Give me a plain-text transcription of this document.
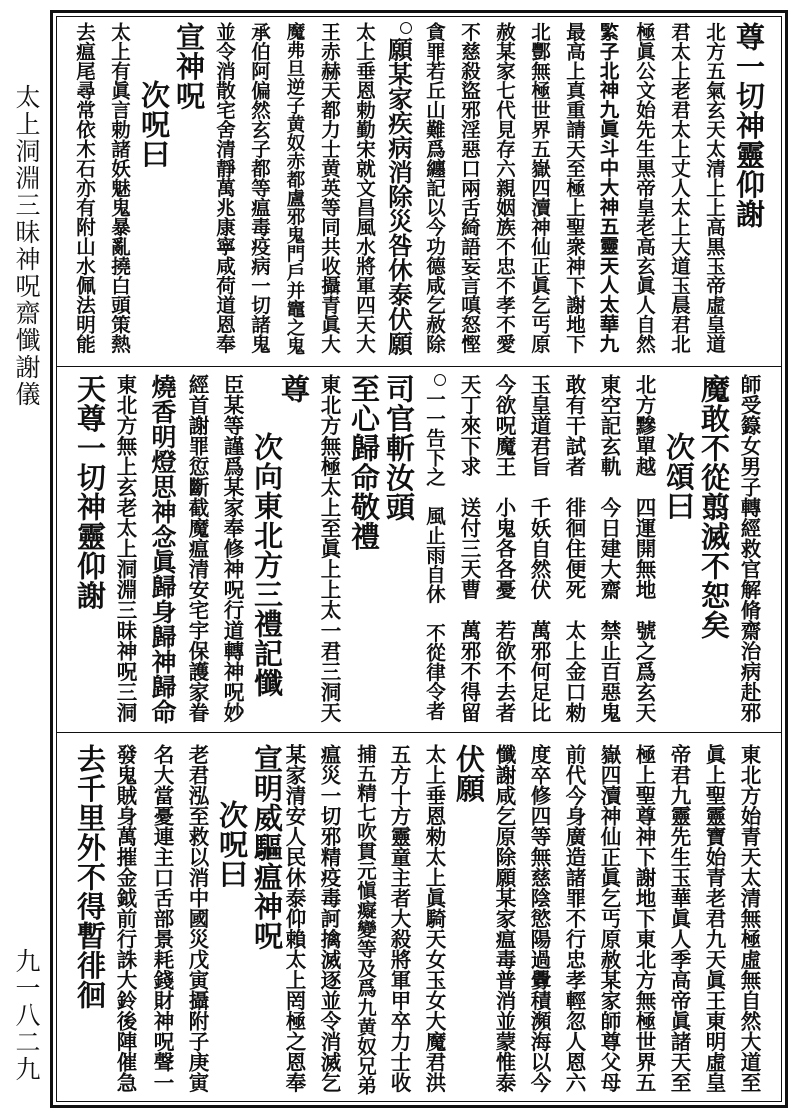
太上洞淵三昧神呪齋懺謝儀
九一八二九
尊一切神靈仰謝
北方五氣玄天太清上上高黒玉帝虛皇道
君太上老君太上丈人太上大道玉晨君北
極眞公文始先生黒帝皇老高玄眞人自然
𦂳子北神九眞斗中大神五靈天人太華九
最高上真重請天至極上聖衆神下謝地下
北酆無極世界五嶽四瀆神仙正眞乞丐原
赦某家七代見存六親姻族不忠不孝不愛
不慈殺盜邪淫惡口兩舌綺語妄言嗔怒慳
貪罪若丘山難爲纏記以今功德咸乞赦除
願某家疾病消除災咎休泰伏願
太上垂恩勅勤宋就文昌風水將軍四天大
王赤赫天都力士黄英等同共收攝青眞大
魔弗旦逆子黄奴赤都盧邪鬼門戶并竈之鬼
承伯阿偏然玄子都等瘟毒疫病一切諸鬼
並令消散宅舍清靜萬兆康寧咸荷道恩奉
宣神呪
次呪曰
太上有眞言勅諸妖魅鬼暴亂撓白頭策熱
去瘟尾尋常依木石亦有附山水佩法明能
師受籙女男子轉經救官解脩齋治病赴邪
魔敢不從翦滅不恕矣
次頌曰
北方黲單越　四運開無地　號之爲玄天
東空記玄軌　今日建大齋　禁止百惡鬼
敢有干試者　徘徊住便死　太上金口勑
玉皇道君旨　千妖自然伏　萬邪何足比
今欲呪魔王　小鬼各各憂　若欲不去者
天丁來下求　送付三天曹　萬邪不得留
一一告下之　風止雨自休　不從律令者
司官斬汝頭
至心歸命敬禮
東北方無極太上至眞上上太一君三洞天
尊
次向東北方三禮記懺
臣某等謹爲某家奉修神呪行道轉神呪妙
經首謝罪愆斷截魔瘟清安宅宇保護家眷
燒香明燈思神念眞歸身歸神歸命
東北方無上玄老太上洞淵三昧神呪三洞
天尊一切神靈仰謝
東北方始青天太清無極虛無自然大道至
眞上聖靈寶始青老君九天眞王東明虛皇
帝君九靈先生玉華眞人季高帝眞諸天至
極上聖尊神下謝地下東北方無極世界五
嶽四瀆神仙正眞乞丐原赦某家師尊父母
前代今身廣造諸罪不行忠孝輕忽人恩六
度卒修四等無慈陰慾陽過釁積瀕海以今
懺謝咸乞原除願某家瘟毒普消並蒙惟泰
伏願
太上垂恩勑太上眞騎天女玉女大魔君洪
五方十方靈童主者大殺將軍甲卒力士收
捕五精七吹貫元愼癡變等及爲九黄奴兄弟
瘟災一切邪精疫毒訶擒滅逐並令消滅乞
某家清安人民休泰仰賴太上罔極之恩奉
宣明威驅瘟神呪
次呪曰
老君泓至救以消中國災戊寅攝附子庚寅
名大當憂連主口舌部景耗錢財神呪聲一
發鬼賊身萬摧金鉞前行誅大鈴後陣催急
去千里外不得暫徘徊
